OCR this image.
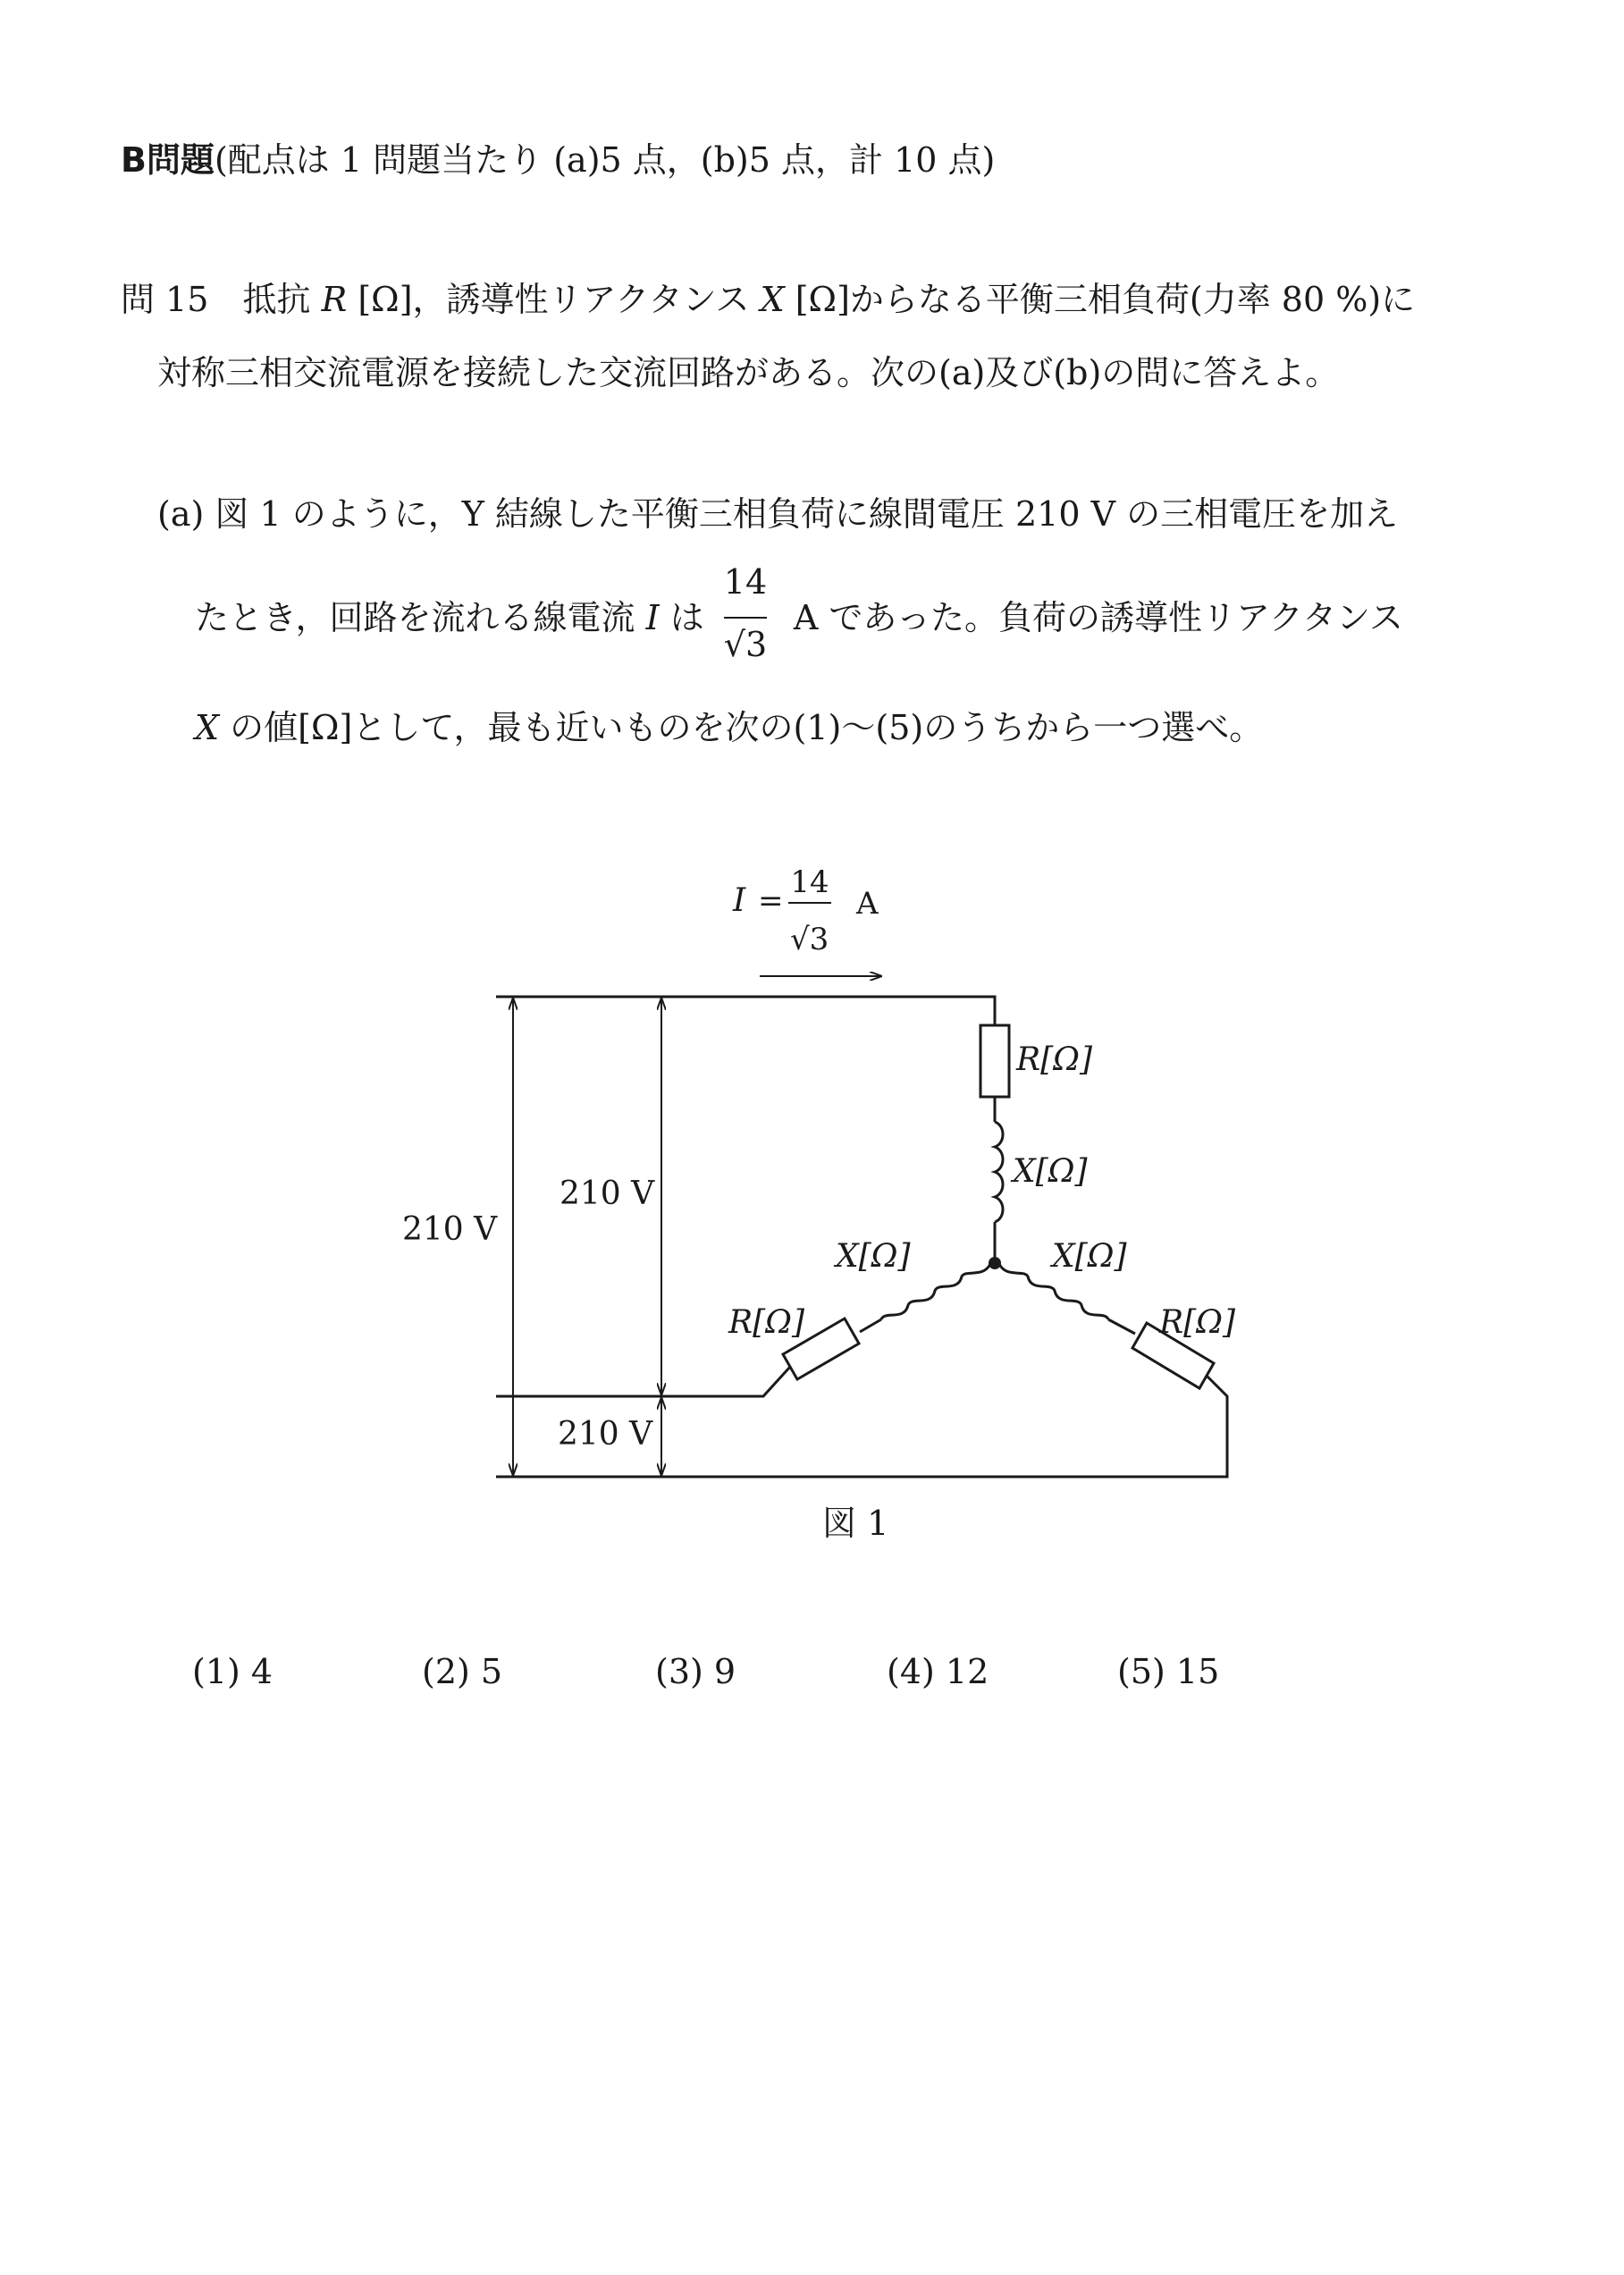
B問題(配点は 1 問題当たり (a)5 点，(b)5 点，計 10 点)
問 15 抵抗 R [Ω]，誘導性リアクタンス X [Ω]からなる平衡三相負荷(力率 80 %)に
対称三相交流電源を接続した交流回路がある。次の(a)及び(b)の問に答えよ。
(a) 図 1 のように，Y 結線した平衡三相負荷に線間電圧 210 V の三相電圧を加え
たとき，回路を流れる線電流 I は $\frac{14}{√3}$ A であった。負荷の誘導性リアクタンス
X の値[Ω]として，最も近いものを次の(1)～(5)のうちから一つ選べ。
I =
14
√3
A
210 V
210 V
210 V
R[Ω]
X[Ω]
X[Ω]	X[Ω]
R[Ω]	R[Ω]
図 1
(1) 4	(2) 5	(3) 9	(4) 12	(5) 15
